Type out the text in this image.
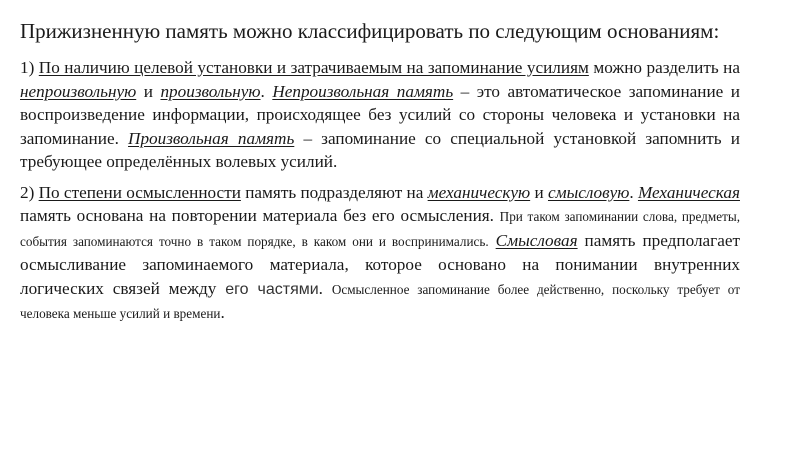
Прижизненную память можно классифицировать по следующим основаниям:

1) По наличию целевой установки и затрачиваемым на запоминание усилиям можно разделить на непроизвольную и произвольную. Непроизвольная память – это автоматическое запоминание и воспроизведение информации, происходящее без усилий со стороны человека и установки на запоминание. Произвольная память – запоминание со специальной установкой запомнить и требующее определённых волевых усилий.

2) По степени осмысленности память подразделяют на механическую и смысловую. Механическая память основана на повторении материала без его осмысления. При таком запоминании слова, предметы, события запоминаются точно в таком порядке, в каком они и воспринимались. Смысловая память предполагает осмысливание запоминаемого материала, которое основано на понимании внутренних логических связей между его частями. Осмысленное запоминание более действенно, поскольку требует от человека меньше усилий и времени.
